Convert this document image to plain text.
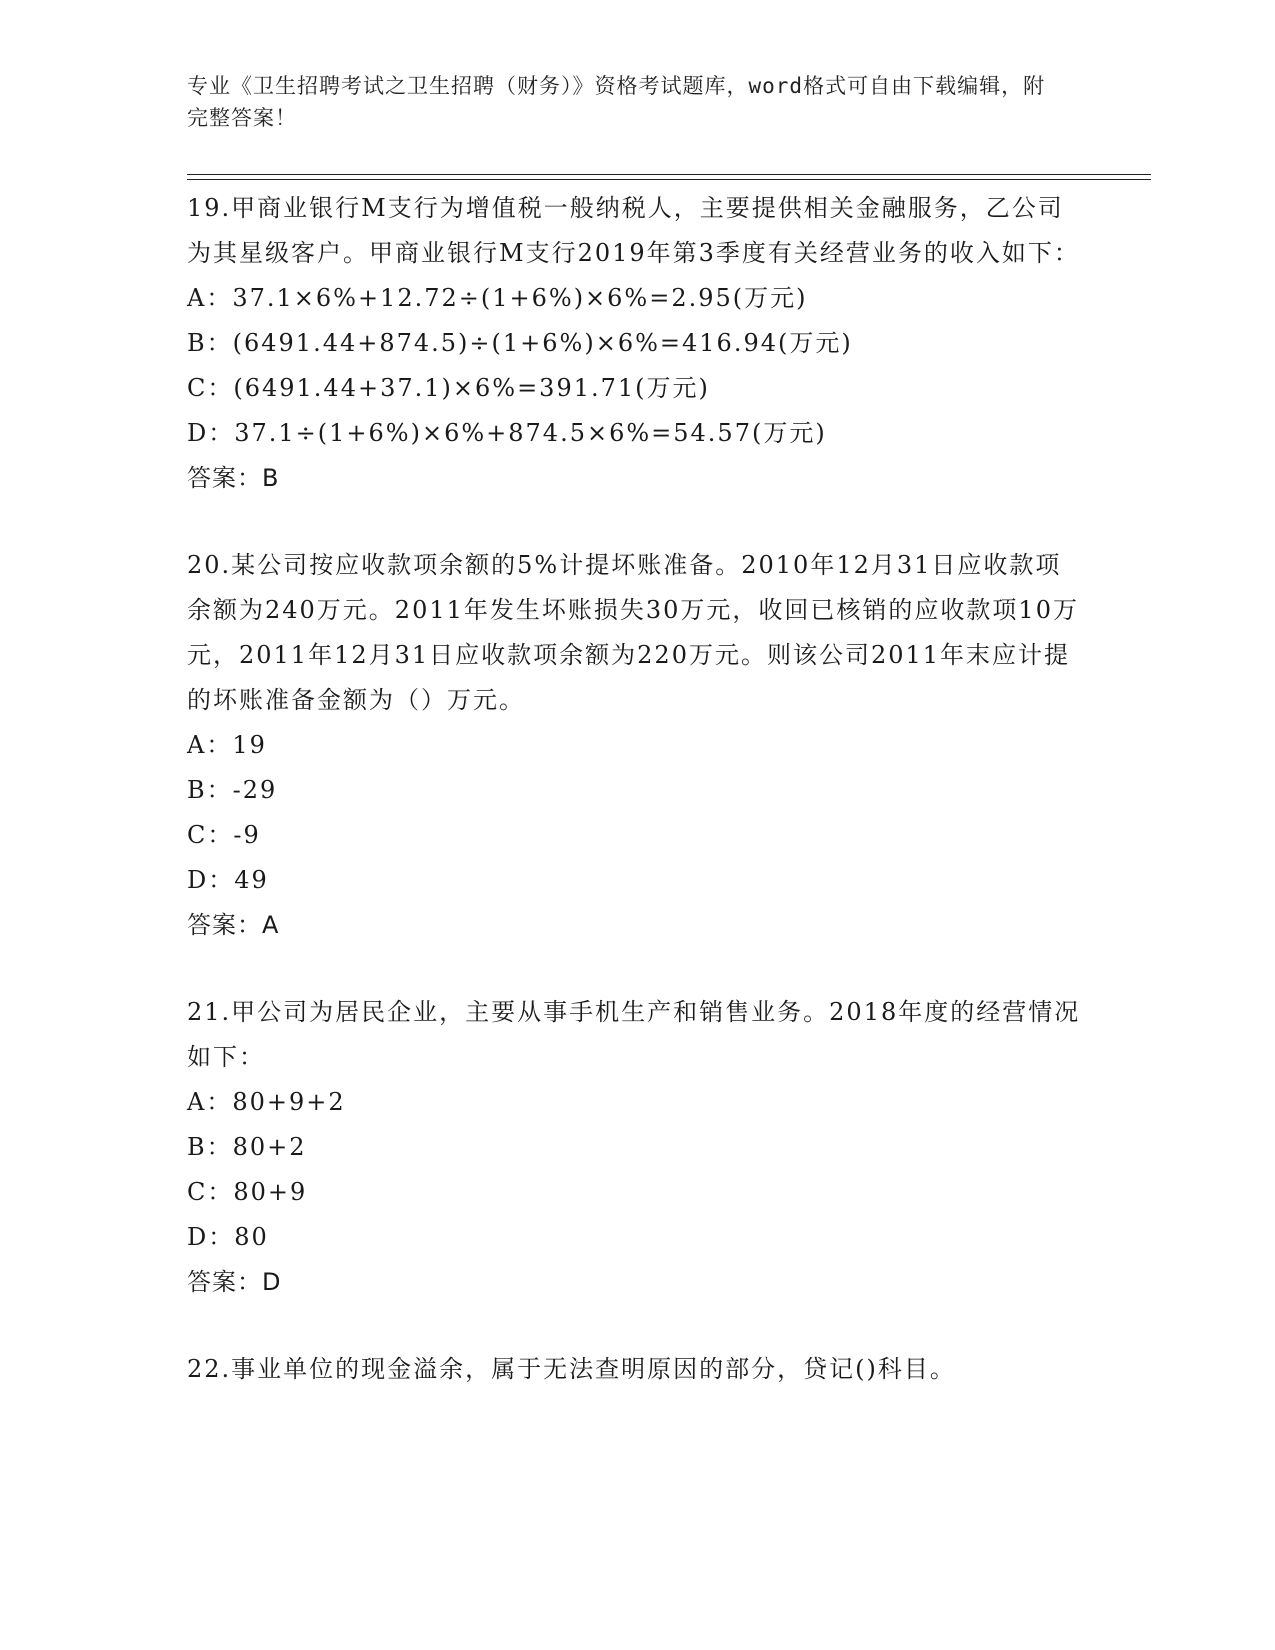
专业《卫生招聘考试之卫生招聘（财务）》资格考试题库，word格式可自由下载编辑，附完整答案！

19.甲商业银行M支行为增值税一般纳税人，主要提供相关金融服务，乙公司为其星级客户。甲商业银行M支行2019年第3季度有关经营业务的收入如下：

A：37.1×6%+12.72÷(1+6%)×6%=2.95(万元)

B：(6491.44+874.5)÷(1+6%)×6%=416.94(万元)

C：(6491.44+37.1)×6%=391.71(万元)

D：37.1÷(1+6%)×6%+874.5×6%=54.57(万元)

答案：B

20.某公司按应收款项余额的5%计提坏账准备。2010年12月31日应收款项余额为240万元。2011年发生坏账损失30万元，收回已核销的应收款项10万元，2011年12月31日应收款项余额为220万元。则该公司2011年末应计提的坏账准备金额为（）万元。

A：19

B：-29

C：-9

D：49

答案：A

21.甲公司为居民企业，主要从事手机生产和销售业务。2018年度的经营情况如下：

A：80+9+2

B：80+2

C：80+9

D：80

答案：D

22.事业单位的现金溢余，属于无法查明原因的部分，贷记()科目。
